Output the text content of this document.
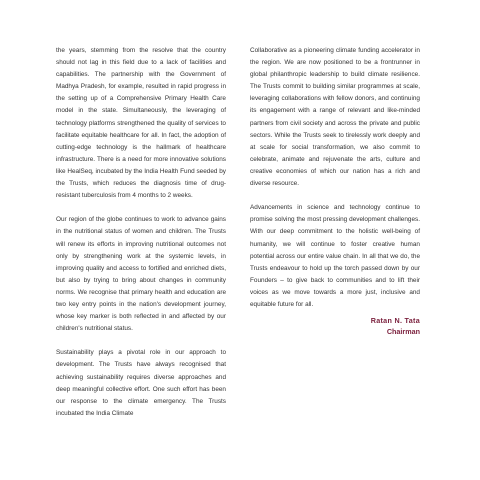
the years, stemming from the resolve that the country should not lag in this field due to a lack of facilities and capabilities. The partnership with the Government of Madhya Pradesh, for example, resulted in rapid progress in the setting up of a Comprehensive Primary Health Care model in the state. Simultaneously, the leveraging of technology platforms strengthened the quality of services to facilitate equitable healthcare for all. In fact, the adoption of cutting-edge technology is the hallmark of healthcare infrastructure. There is a need for more innovative solutions like HealSeq, incubated by the India Health Fund seeded by the Trusts, which reduces the diagnosis time of drug-resistant tuberculosis from 4 months to 2 weeks.

Our region of the globe continues to work to advance gains in the nutritional status of women and children. The Trusts will renew its efforts in improving nutritional outcomes not only by strengthening work at the systemic levels, in improving quality and access to fortified and enriched diets, but also by trying to bring about changes in community norms. We recognise that primary health and education are two key entry points in the nation's development journey, whose key marker is both reflected in and affected by our children's nutritional status.

Sustainability plays a pivotal role in our approach to development. The Trusts have always recognised that achieving sustainability requires diverse approaches and deep meaningful collective effort. One such effort has been our response to the climate emergency. The Trusts incubated the India Climate

Collaborative as a pioneering climate funding accelerator in the region. We are now positioned to be a frontrunner in global philanthropic leadership to build climate resilience. The Trusts commit to building similar programmes at scale, leveraging collaborations with fellow donors, and continuing its engagement with a range of relevant and like-minded partners from civil society and across the private and public sectors. While the Trusts seek to tirelessly work deeply and at scale for social transformation, we also commit to celebrate, animate and rejuvenate the arts, culture and creative economies of which our nation has a rich and diverse resource.

Advancements in science and technology continue to promise solving the most pressing development challenges. With our deep commitment to the holistic well-being of humanity, we will continue to foster creative human potential across our entire value chain. In all that we do, the Trusts endeavour to hold up the torch passed down by our Founders – to give back to communities and to lift their voices as we move towards a more just, inclusive and equitable future for all.

Ratan N. Tata
Chairman
